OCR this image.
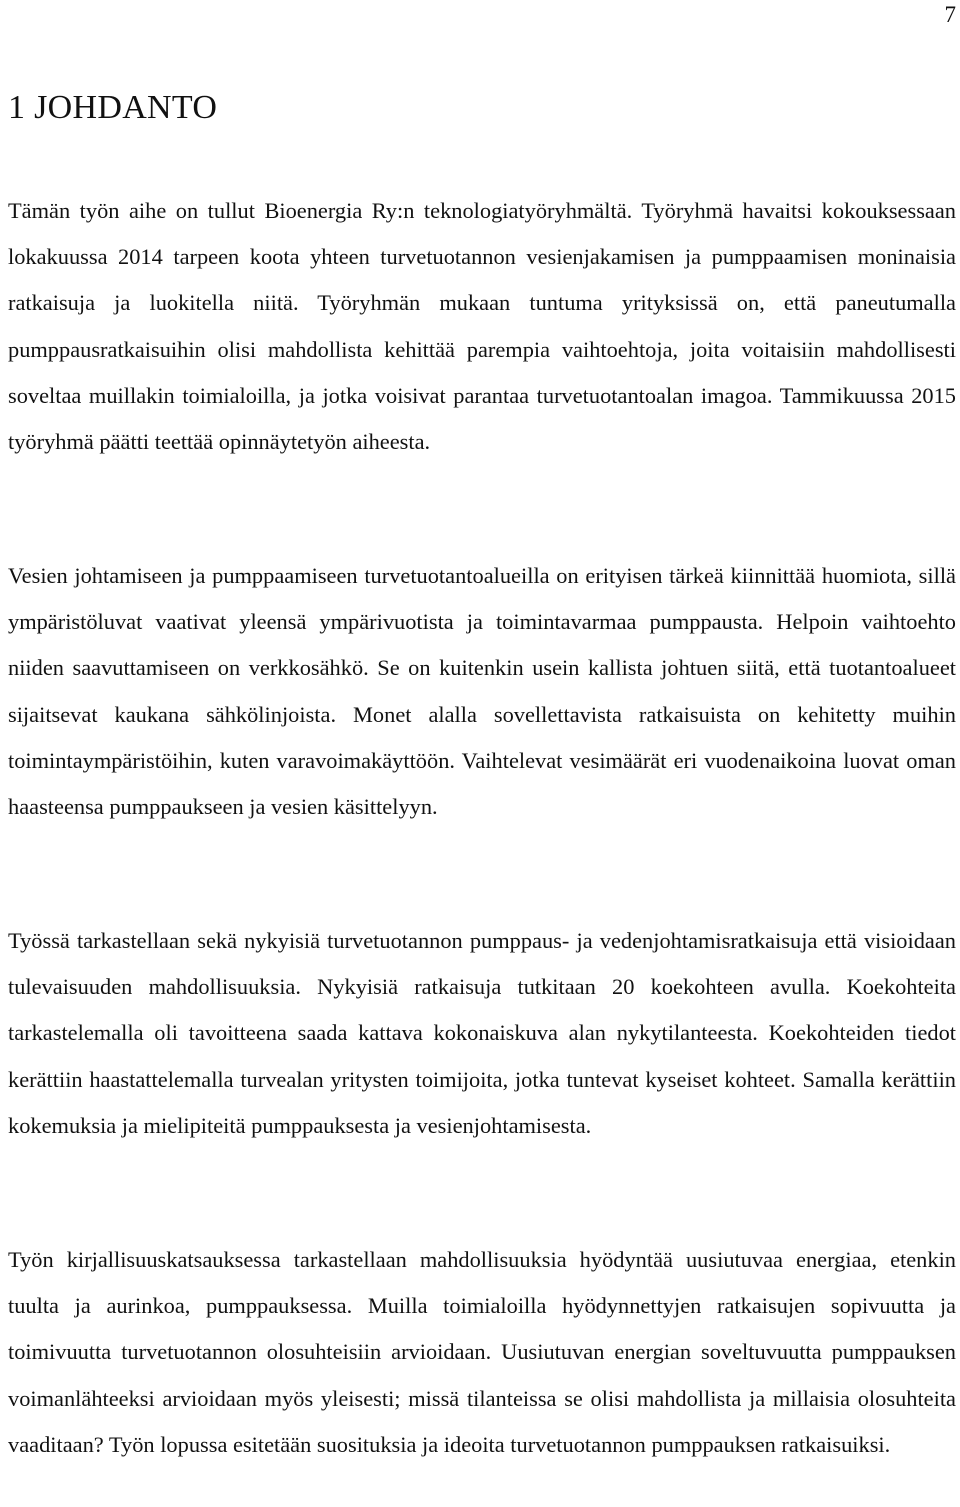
7
1 JOHDANTO

Tämän työn aihe on tullut Bioenergia Ry:n teknologiatyöryhmältä. Työryhmä havaitsi kokouksessaan lokakuussa 2014 tarpeen koota yhteen turvetuotannon vesienjakamisen ja pumppaamisen moninaisia ratkaisuja ja luokitella niitä. Työryhmän mukaan tuntuma yrityksissä on, että paneutumalla pumppausratkaisuihin olisi mahdollista kehittää parempia vaihtoehtoja, joita voitaisiin mahdollisesti soveltaa muillakin toimialoilla, ja jotka voisivat parantaa turvetuotantoalan imagoa. Tammikuussa 2015 työryhmä päätti teettää opinnäytetyön aiheesta.

Vesien johtamiseen ja pumppaamiseen turvetuotantoalueilla on erityisen tärkeä kiinnittää huomiota, sillä ympäristöluvat vaativat yleensä ympärivuotista ja toimintavarmaa pumppausta. Helpoin vaihtoehto niiden saavuttamiseen on verkkosähkö. Se on kuitenkin usein kallista johtuen siitä, että tuotantoalueet sijaitsevat kaukana sähkölinjoista. Monet alalla sovellettavista ratkaisuista on kehitetty muihin toimintaympäristöihin, kuten varavoimakäyttöön. Vaihtelevat vesimäärät eri vuodenaikoina luovat oman haasteensa pumppaukseen ja vesien käsittelyyn.

Työssä tarkastellaan sekä nykyisiä turvetuotannon pumppaus- ja vedenjohtamisratkaisuja että visioidaan tulevaisuuden mahdollisuuksia. Nykyisiä ratkaisuja tutkitaan 20 koekohteen avulla. Koekohteita tarkastelemalla oli tavoitteena saada kattava kokonaiskuva alan nykytilanteesta. Koekohteiden tiedot kerättiin haastattelemalla turvealan yritysten toimijoita, jotka tuntevat kyseiset kohteet. Samalla kerättiin kokemuksia ja mielipiteitä pumppauksesta ja vesienjohtamisesta.

Työn kirjallisuuskatsauksessa tarkastellaan mahdollisuuksia hyödyntää uusiutuvaa energiaa, etenkin tuulta ja aurinkoa, pumppauksessa. Muilla toimialoilla hyödynnettyjen ratkaisujen sopivuutta ja toimivuutta turvetuotannon olosuhteisiin arvioidaan. Uusiutuvan energian soveltuvuutta pumppauksen voimanlähteeksi arvioidaan myös yleisesti; missä tilanteissa se olisi mahdollista ja millaisia olosuhteita vaaditaan? Työn lopussa esitetään suosituksia ja ideoita turvetuotannon pumppauksen ratkaisuiksi.
